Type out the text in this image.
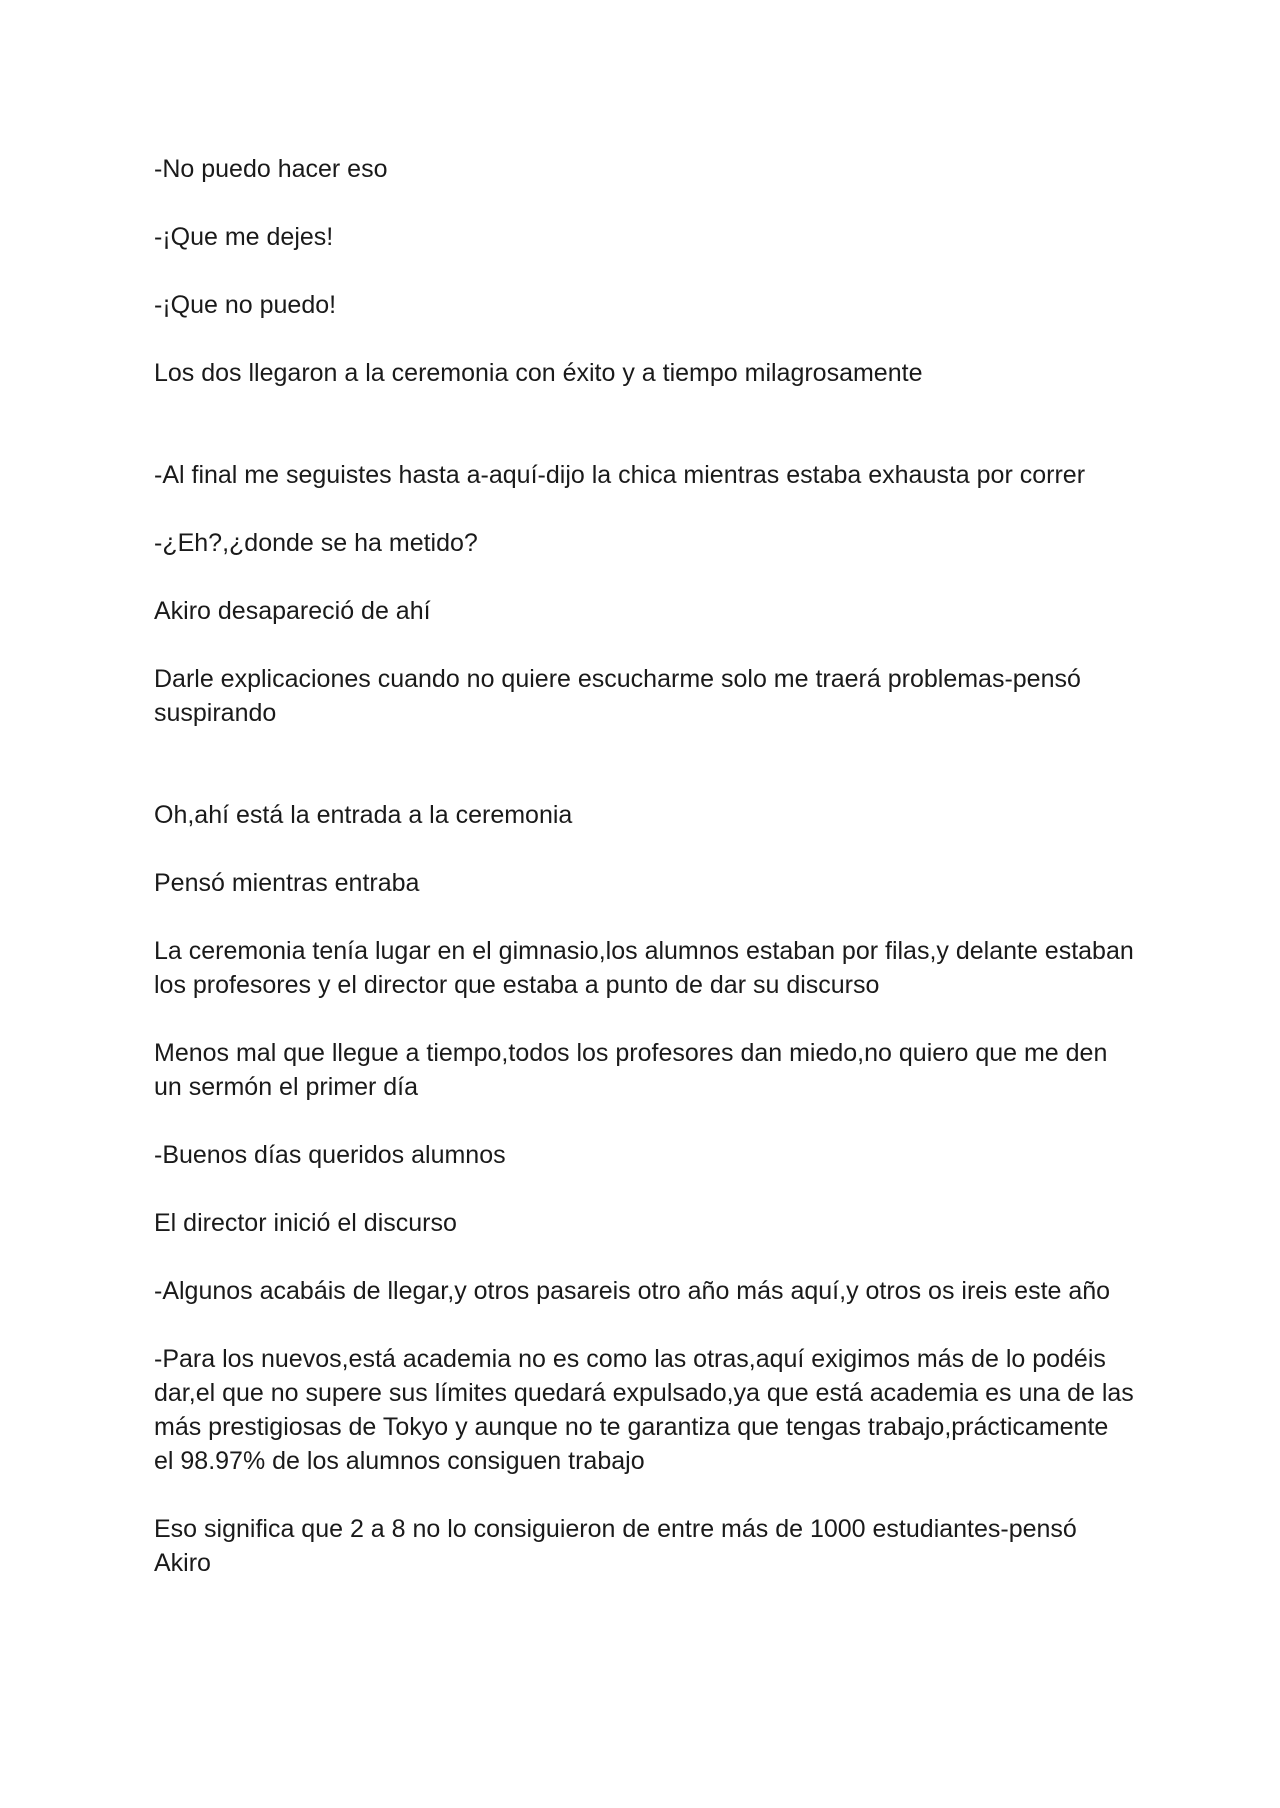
-No puedo hacer eso

-¡Que me dejes!

-¡Que no puedo!

Los dos llegaron a la ceremonia con éxito y a tiempo milagrosamente

-Al final me seguistes hasta a-aquí-dijo la chica mientras estaba exhausta por correr

-¿Eh?,¿donde se ha metido?

Akiro desapareció de ahí

Darle explicaciones cuando no quiere escucharme solo me traerá problemas-pensó suspirando

Oh,ahí está la entrada a la ceremonia

Pensó mientras entraba

La ceremonia tenía lugar en el gimnasio,los alumnos estaban por filas,y delante estaban los profesores y el director que estaba a punto de dar su discurso

Menos mal que llegue a tiempo,todos los profesores dan miedo,no quiero que me den un sermón el primer día

-Buenos días queridos alumnos

El director inició el discurso

-Algunos acabáis de llegar,y otros pasareis otro año más aquí,y otros os ireis este año

-Para los nuevos,está academia no es como las otras,aquí exigimos más de lo podéis dar,el que no supere sus límites quedará expulsado,ya que está academia es una de las más prestigiosas de Tokyo y aunque no te garantiza que tengas trabajo,prácticamente el 98.97% de los alumnos consiguen trabajo

Eso significa que 2 a 8 no lo consiguieron de entre más de 1000 estudiantes-pensó Akiro
